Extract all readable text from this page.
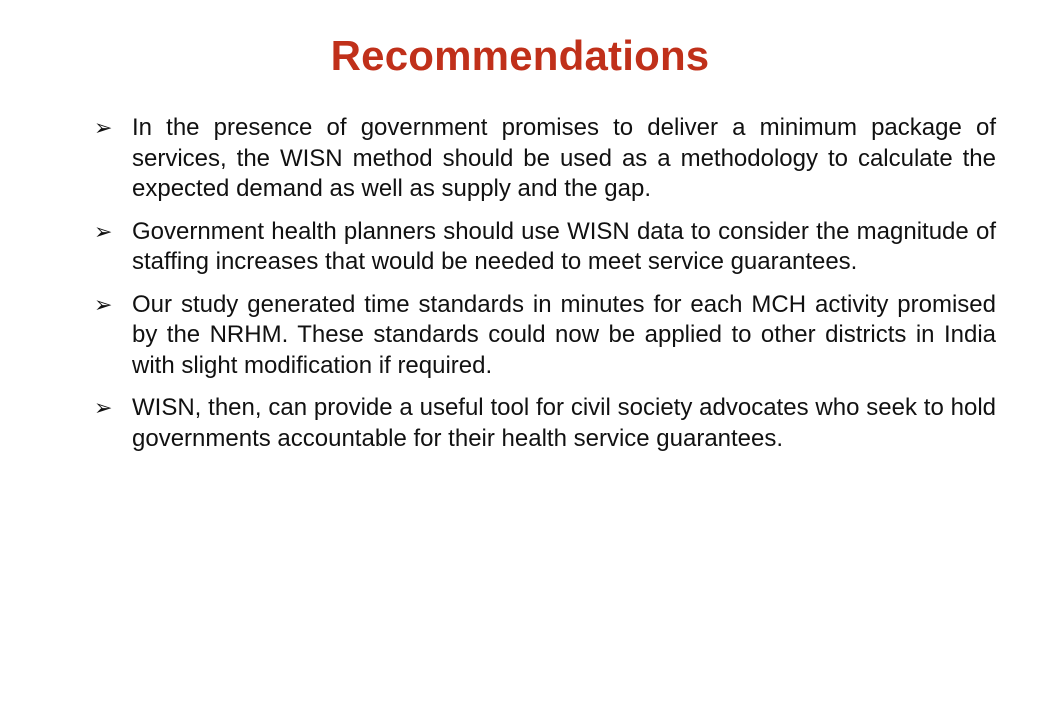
Recommendations
➢ In the presence of government promises to deliver a minimum package of services, the WISN method should be used as a methodology to calculate the expected demand as well as supply and the gap.
➢ Government health planners should use WISN data to consider the magnitude of staffing increases that would be needed to meet service guarantees.
➢ Our study generated time standards in minutes for each MCH activity promised by the NRHM. These standards could now be applied to other districts in India with slight modification if required.
➢ WISN, then, can provide a useful tool for civil society advocates who seek to hold governments accountable for their health service guarantees.
